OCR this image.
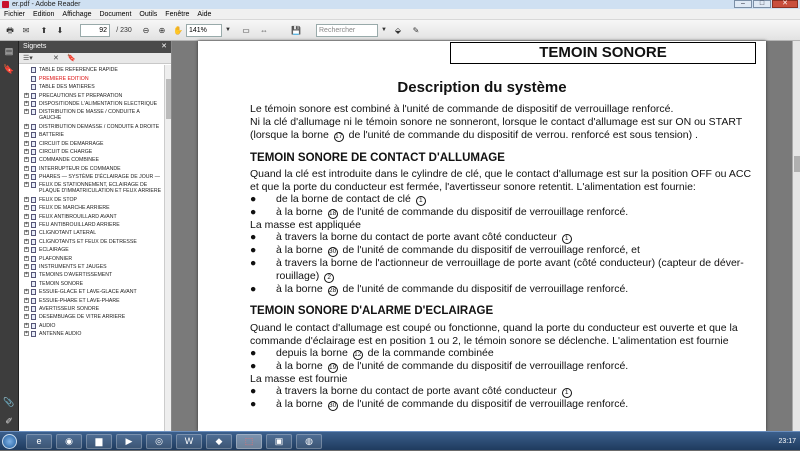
er.pdf - Adobe Reader	–	□	✕
Fichier Edition Affichage Document Outils Fenêtre Aide
🖶	✉	⬆	⬇	92	/ 230	⊖	⊕ ✋ 141%	▼ ▭ ⇔	💾	Rechercher	▼ ⬙	✎
▤
🔖
📎
✐
Signets	✕
☰▾	✕ 🔖
TABLE DE REFERENCE RAPIDE
PREMIERE EDITION
TABLE DES MATIERES
+ PRECAUTIONS ET PREPARATION
+ DISPOSITIONDE L'ALIMENTATION ELECTRIQUE
+ DISTRIBUTION DE MASSE / CONDUITE A GAUCHE
+ DISTRIBUTION DEMASSE / CONDUITE A DROITE
+ BATTERIE
+ CIRCUIT DE DEMARRAGE
+ CIRCUIT DE CHARGE
+ COMMANDE COMBINEE
+ INTERRUPTEUR DE COMMANDE
+ PHARES — SYSTÈME D'ÉCLAIRAGE DE JOUR —
+ FEUX DE STATIONNEMENT, ECLAIRAGE DE PLAQUE D'IMMATRICULATION ET FEUX ARRIERE
+ FEUX DE STOP
+ FEUX DE MARCHE ARRIERE
+ FEUX ANTIBROUILLARD AVANT
+ FEU ANTIBROUILLARD ARRIERE
+ CLIGNOTANT LATERAL
+ CLIGNOTANTS ET FEUX DE DETRESSE
+ ECLAIRAGE
+ PLAFONNIER
+ INSTRUMENTS ET JAUGES
+ TEMOINS D'AVERTISSEMENT
TEMOIN SONORE
+ ESSUIE-GLACE ET LAVE-GLACE AVANT
+ ESSUIE-PHARE ET LAVE-PHARE
+ AVERTISSEUR SONORE
+ DESEMBUAGE DE VITRE ARRIERE
+ AUDIO
+ ANTENNE AUDIO
TEMOIN SONORE
Description du système
Le témoin sonore est combiné à l'unité de commande de dispositif de verrouillage renforcé.
Ni la clé d'allumage ni le témoin sonore ne sonneront, lorsque le contact d'allumage est sur ON ou START
(lorsque la borne 17 de l'unité de commande du dispositif de verrou. renforcé est sous tension) .
TEMOIN SONORE DE CONTACT D'ALLUMAGE
Quand la clé est introduite dans le cylindre de clé, que le contact d'allumage est sur la position OFF ou ACC
et que la porte du conducteur est fermée, l'avertisseur sonore retentit. L'alimentation est fournie:
● de la borne de contact de clé 1
● à la borne 18 de l'unité de commande du dispositif de verrouillage renforcé.
La masse est appliquée
● à travers la borne du contact de porte avant côté conducteur 1
● à la borne 30 de l'unité de commande du dispositif de verrouillage renforcé, et
● à travers la borne de l'actionneur de verrouillage de porte avant (côté conducteur) (capteur de déver-
rouillage) 2
● à la borne 28 de l'unité de commande du dispositif de verrouillage renforcé.
TEMOIN SONORE D'ALARME D'ECLAIRAGE
Quand le contact d'allumage est coupé ou fonctionne, quand la porte du conducteur est ouverte et que la
commande d'éclairage est en position 1 ou 2, le témoin sonore se déclenche. L'alimentation est fournie
● depuis la borne 12 de la commande combinée
● à la borne 19 de l'unité de commande du dispositif de verrouillage renforcé.
La masse est fournie
● à travers la borne du contact de porte avant côté conducteur 1
● à la borne 30 de l'unité de commande du dispositif de verrouillage renforcé.
e	◉	▆	▶	◎	W	◆	⬚	▣	◍	23:17
